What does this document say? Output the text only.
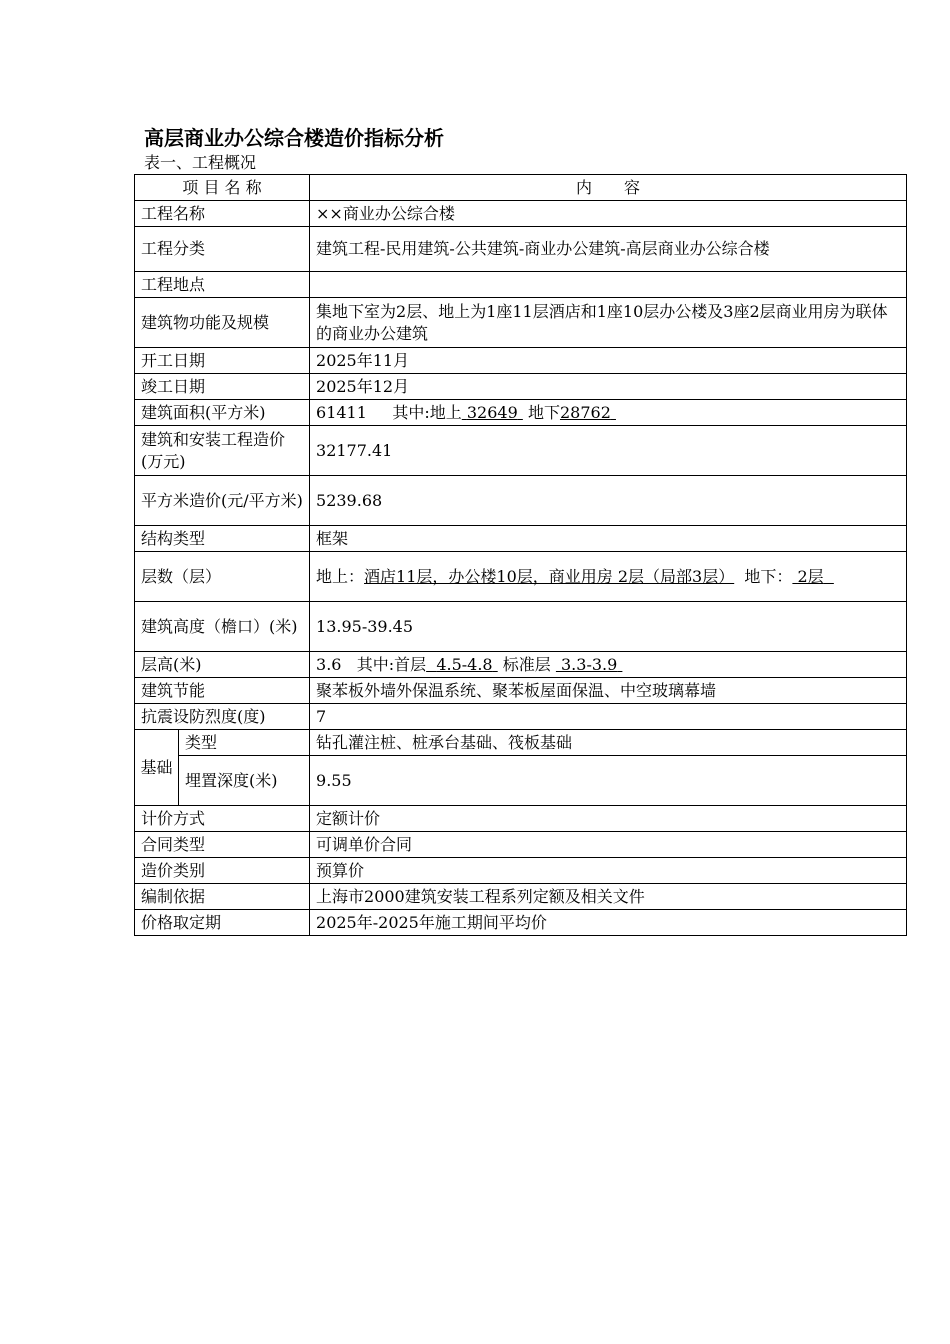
高层商业办公综合楼造价指标分析
表一、工程概况
项 目 名 称		内　　容
工程名称		××商业办公综合楼
工程分类		建筑工程-民用建筑-公共建筑-商业办公建筑-高层商业办公综合楼
工程地点		
建筑物功能及规模		集地下室为2层、地上为1座11层酒店和1座10层办公楼及3座2层商业用房为联体的商业办公建筑
开工日期		2025年11月
竣工日期		2025年12月
建筑面积(平方米)		61411 其中:地上 32649 地下28762
建筑和安装工程造价(万元)		32177.41
平方米造价(元/平方米)		5239.68
结构类型		框架
层数（层）		地上：酒店11层，办公楼10层，商业用房 2层（局部3层） 地下： 2层
建筑高度（檐口）(米)		13.95-39.45
层高(米)		3.6 其中:首层 4.5-4.8 标准层 3.3-3.9
建筑节能		聚苯板外墙外保温系统、聚苯板屋面保温、中空玻璃幕墙
抗震设防烈度(度)		7
基础	类型	钻孔灌注桩、桩承台基础、筏板基础
	埋置深度(米)	9.55
计价方式		定额计价
合同类型		可调单价合同
造价类别		预算价
编制依据		上海市2000建筑安装工程系列定额及相关文件
价格取定期		2025年-2025年施工期间平均价
